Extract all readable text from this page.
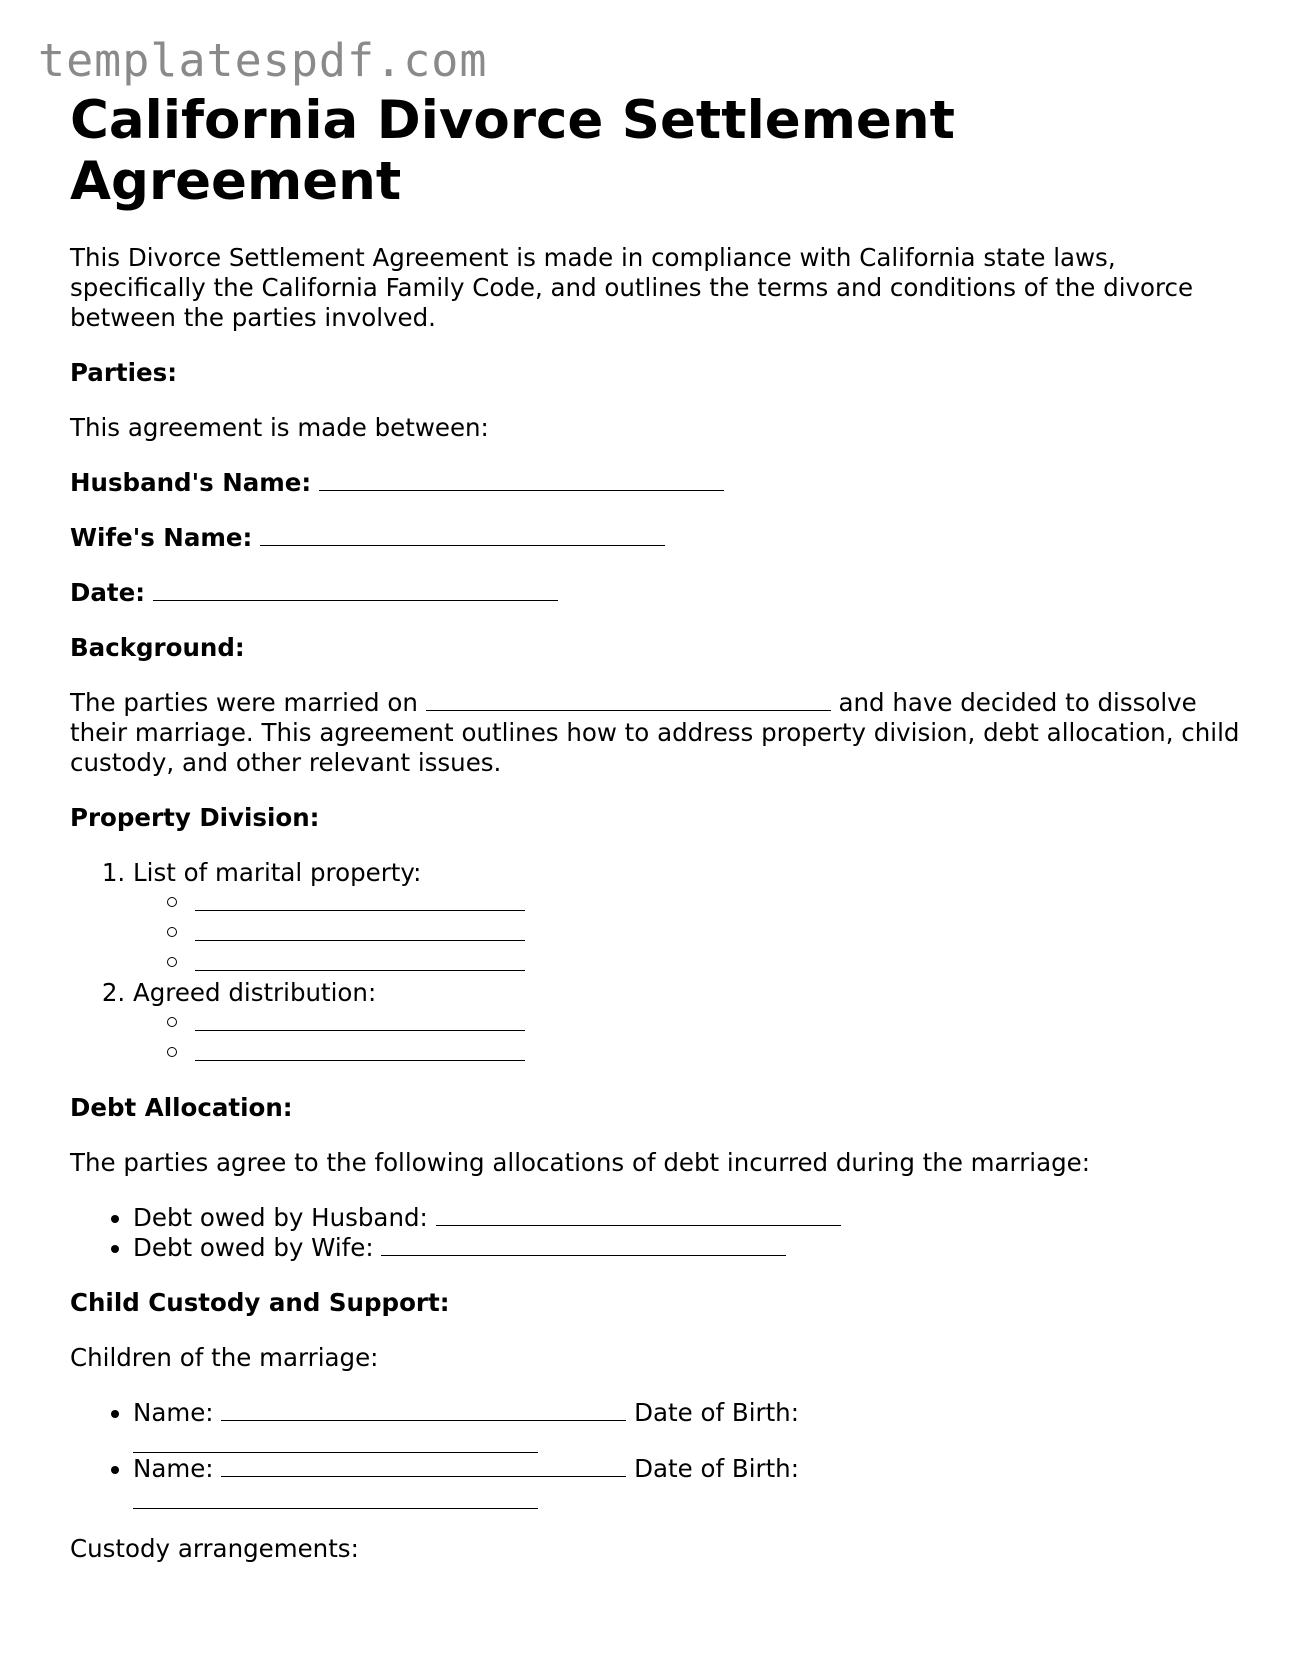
templatespdf.com
California Divorce Settlement Agreement

This Divorce Settlement Agreement is made in compliance with California state laws, specifically the California Family Code, and outlines the terms and conditions of the divorce between the parties involved.

Parties:

This agreement is made between:

Husband's Name:

Wife's Name:

Date:

Background:

The parties were married on	and have decided to dissolve their marriage. This agreement outlines how to address property division, debt allocation, child custody, and other relevant issues.

Property Division:

1. List of marital property:
2. Agreed distribution:

Debt Allocation:

The parties agree to the following allocations of debt incurred during the marriage:

• Debt owed by Husband:
• Debt owed by Wife:

Child Custody and Support:

Children of the marriage:

• Name:	Date of Birth:
• Name:	Date of Birth:

Custody arrangements:
